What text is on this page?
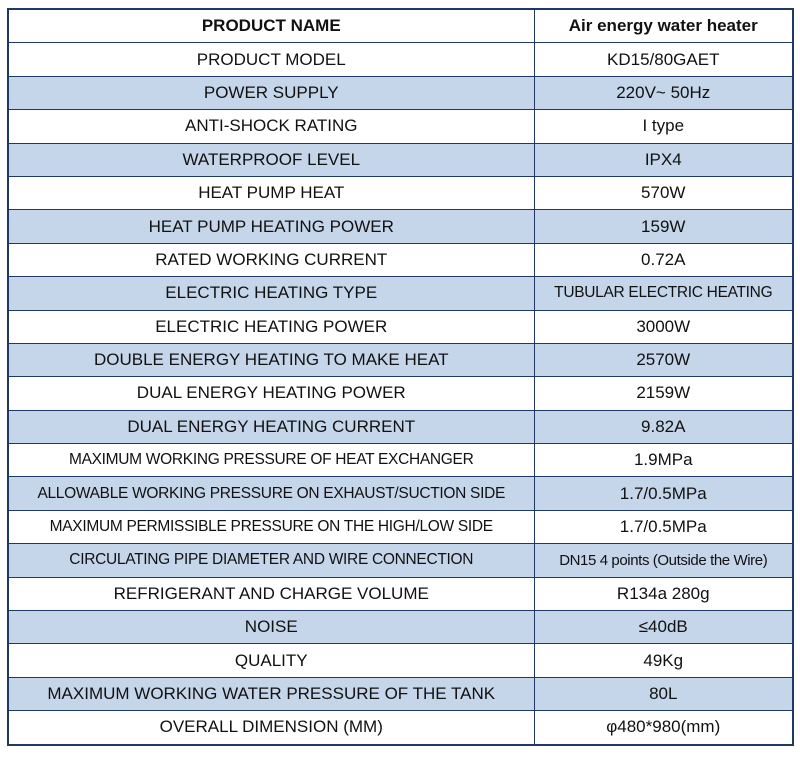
PRODUCT NAME	Air energy water heater
PRODUCT MODEL	KD15/80GAET
POWER SUPPLY	220V~ 50Hz
ANTI-SHOCK RATING	I type
WATERPROOF LEVEL	IPX4
HEAT PUMP HEAT	570W
HEAT PUMP HEATING POWER	159W
RATED WORKING CURRENT	0.72A
ELECTRIC HEATING TYPE	TUBULAR ELECTRIC HEATING
ELECTRIC HEATING POWER	3000W
DOUBLE ENERGY HEATING TO MAKE HEAT	2570W
DUAL ENERGY HEATING POWER	2159W
DUAL ENERGY HEATING CURRENT	9.82A
MAXIMUM WORKING PRESSURE OF HEAT EXCHANGER	1.9MPa
ALLOWABLE WORKING PRESSURE ON EXHAUST/SUCTION SIDE	1.7/0.5MPa
MAXIMUM PERMISSIBLE PRESSURE ON THE HIGH/LOW SIDE	1.7/0.5MPa
CIRCULATING PIPE DIAMETER AND WIRE CONNECTION	DN15 4 points (Outside the Wire)
REFRIGERANT AND CHARGE VOLUME	R134a 280g
NOISE	≤40dB
QUALITY	49Kg
MAXIMUM WORKING WATER PRESSURE OF THE TANK	80L
OVERALL DIMENSION (MM)	φ480*980(mm)
